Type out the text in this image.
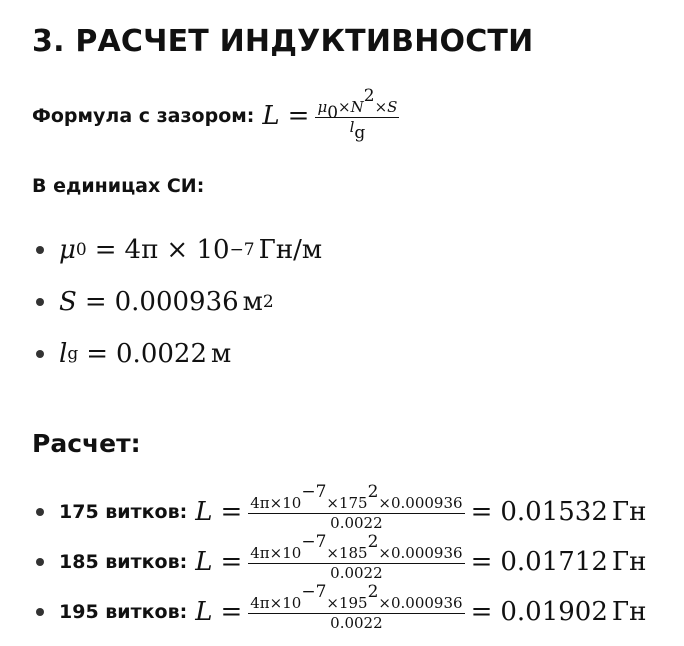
3. РАСЧЕТ ИНДУКТИВНОСТИ
Формула с зазором: $L = \frac{\mu_0\times N^2\times S}{l_g}$
В единицах СИ:
μ 0 = 4π × 10 −7 Гн/м
S = 0.000936 м 2
l g = 0.0022 м
Расчет:
175 витков: $L = \frac{4\pi\times 10^{-7}\times 175^2\times 0.000936}{0.0022} = 0.01532$ Гн
185 витков: $L = \frac{4\pi\times 10^{-7}\times 185^2\times 0.000936}{0.0022} = 0.01712$ Гн
195 витков: $L = \frac{4\pi\times 10^{-7}\times 195^2\times 0.000936}{0.0022} = 0.01902$ Гн
